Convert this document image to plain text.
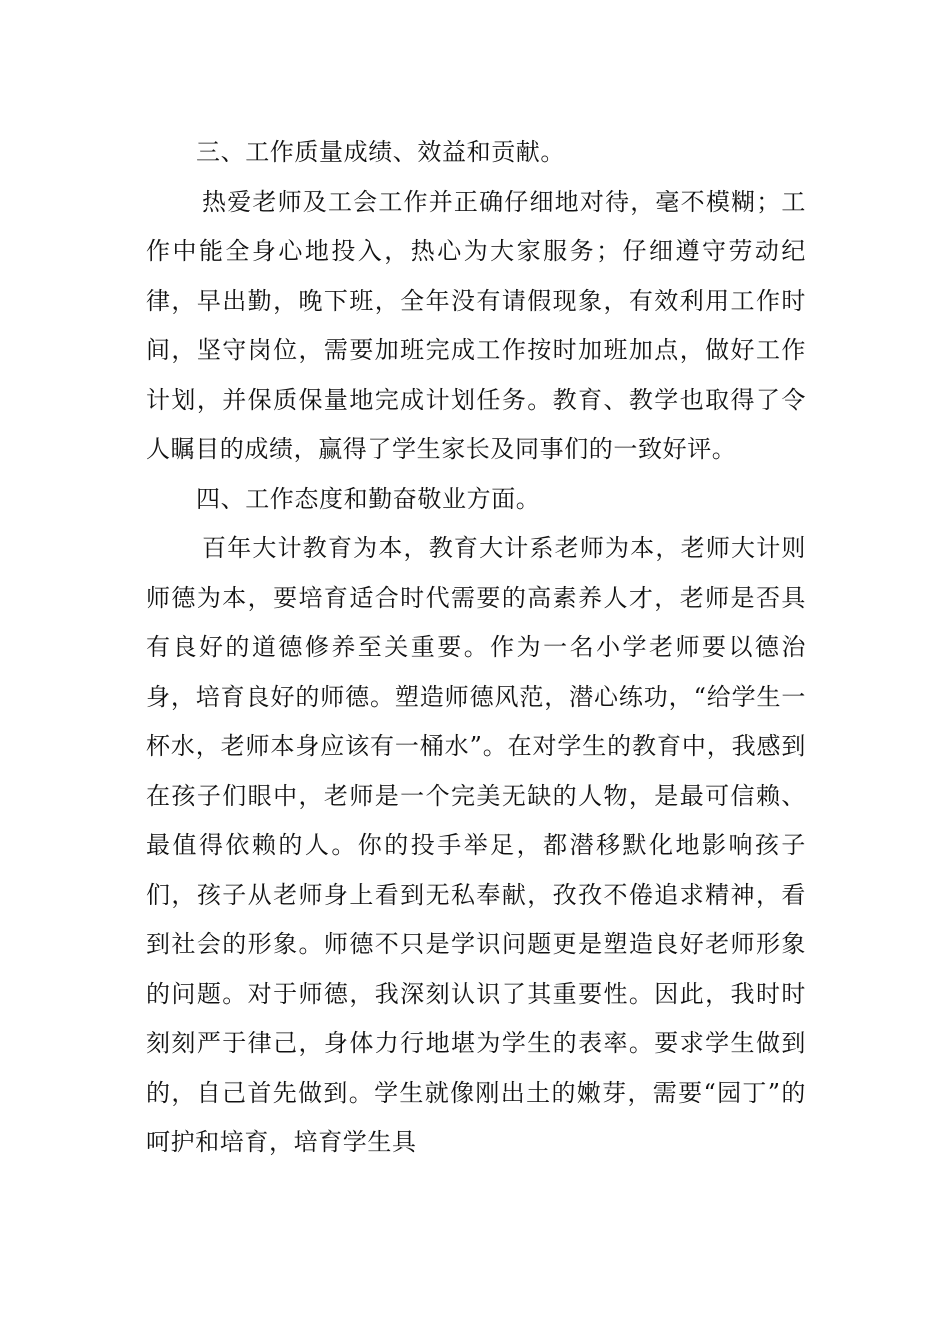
三、工作质量成绩、效益和贡献。

热爱老师及工会工作并正确仔细地对待，毫不模糊；工作中能全身心地投入，热心为大家服务；仔细遵守劳动纪律，早出勤，晚下班，全年没有请假现象，有效利用工作时间，坚守岗位，需要加班完成工作按时加班加点，做好工作计划，并保质保量地完成计划任务。教育、教学也取得了令人瞩目的成绩，赢得了学生家长及同事们的一致好评。

四、工作态度和勤奋敬业方面。

百年大计教育为本，教育大计系老师为本，老师大计则师德为本，要培育适合时代需要的高素养人才，老师是否具有良好的道德修养至关重要。作为一名小学老师要以德治身，培育良好的师德。塑造师德风范，潜心练功，“给学生一杯水，老师本身应该有一桶水”。在对学生的教育中，我感到在孩子们眼中，老师是一个完美无缺的人物，是最可信赖、最值得依赖的人。你的投手举足，都潜移默化地影响孩子们，孩子从老师身上看到无私奉献，孜孜不倦追求精神，看到社会的形象。师德不只是学识问题更是塑造良好老师形象的问题。对于师德，我深刻认识了其重要性。因此，我时时刻刻严于律己，身体力行地堪为学生的表率。要求学生做到的，自己首先做到。学生就像刚出土的嫩芽，需要“园丁”的呵护和培育，培育学生具
